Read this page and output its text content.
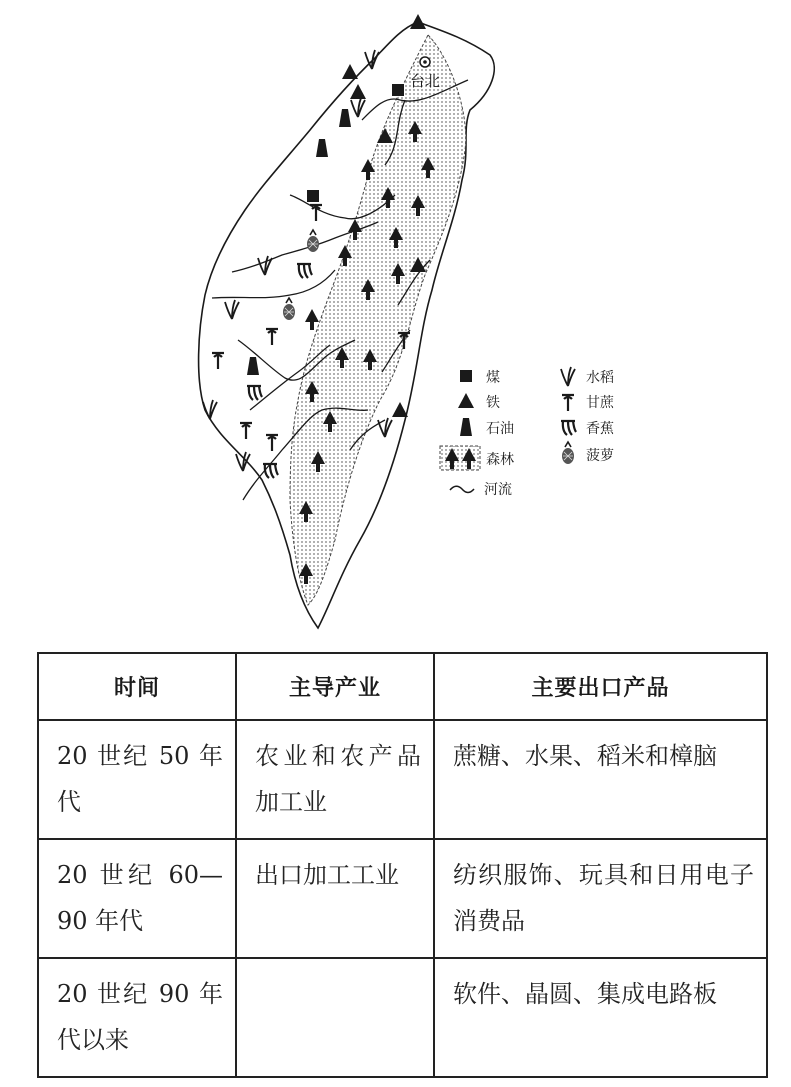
台北
煤
铁
石油
森林
河流
水稻
甘蔗
香蕉
菠萝
时间	主导产业	主要出口产品
20 世纪 50 年代	农业和农产品加工业	蔗糖、水果、稻米和樟脑
20 世纪 60—90 年代	出口加工工业	纺织服饰、玩具和日用电子消费品
20 世纪 90 年代以来		软件、晶圆、集成电路板
